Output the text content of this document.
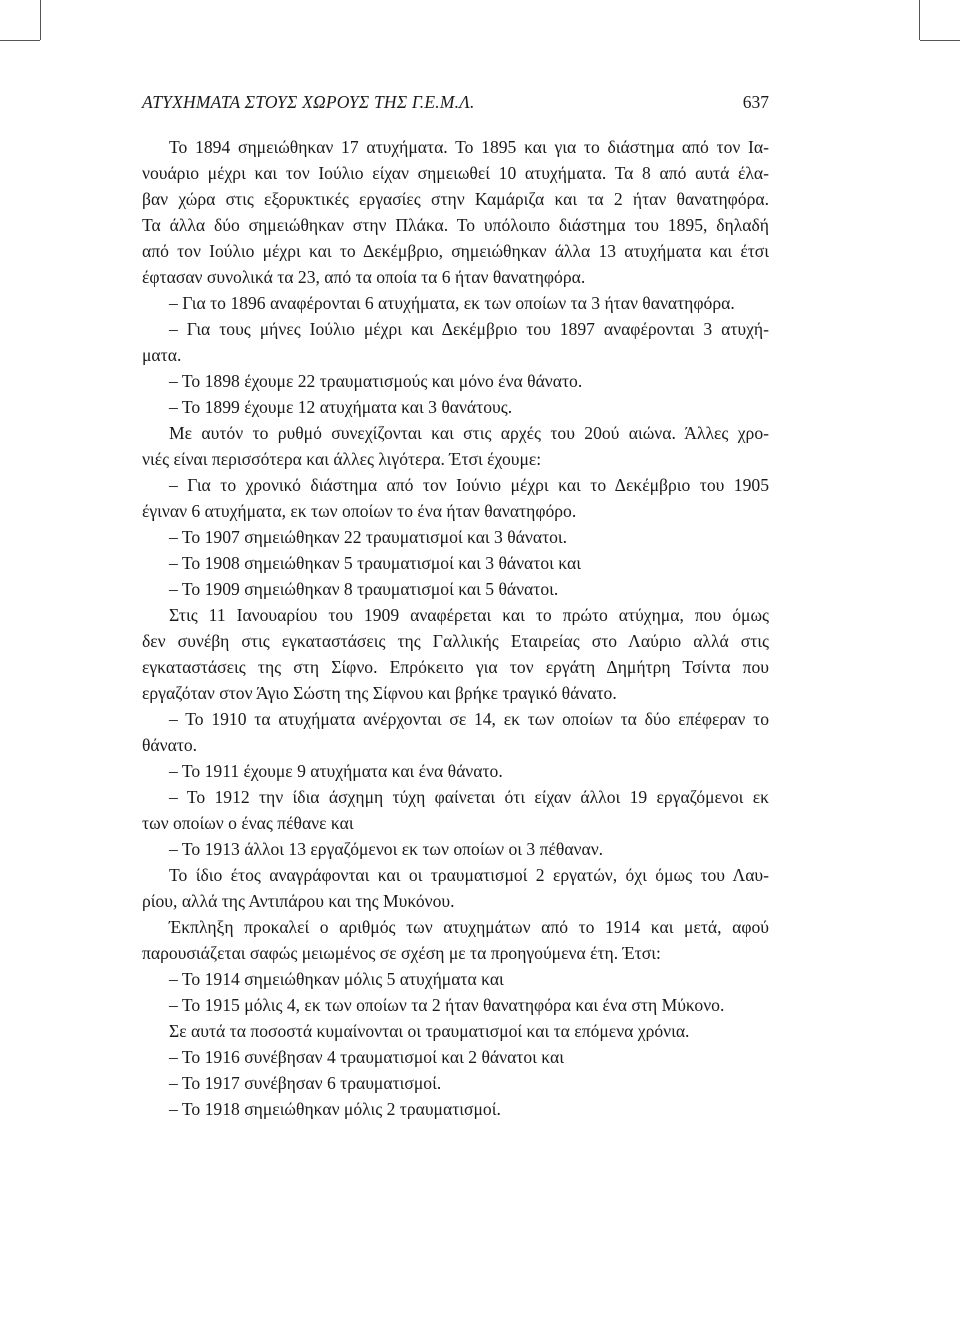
ΑΤΥΧΗΜΑΤΑ ΣΤΟΥΣ ΧΩΡΟΥΣ ΤΗΣ Γ.Ε.Μ.Λ.	637
Το 1894 σημειώθηκαν 17 ατυχήματα. Το 1895 και για το διάστημα από τον Ια-
νουάριο μέχρι και τον Ιούλιο είχαν σημειωθεί 10 ατυχήματα. Τα 8 από αυτά έλα-
βαν χώρα στις εξορυκτικές εργασίες στην Καμάριζα και τα 2 ήταν θανατηφόρα.
Τα άλλα δύο σημειώθηκαν στην Πλάκα. Το υπόλοιπο διάστημα του 1895, δηλαδή
από τον Ιούλιο μέχρι και το Δεκέμβριο, σημειώθηκαν άλλα 13 ατυχήματα και έτσι
έφτασαν συνολικά τα 23, από τα οποία τα 6 ήταν θανατηφόρα.
– Για το 1896 αναφέρονται 6 ατυχήματα, εκ των οποίων τα 3 ήταν θανατηφόρα.
– Για τους μήνες Ιούλιο μέχρι και Δεκέμβριο του 1897 αναφέρονται 3 ατυχή-
ματα.
– Το 1898 έχουμε 22 τραυματισμούς και μόνο ένα θάνατο.
– Το 1899 έχουμε 12 ατυχήματα και 3 θανάτους.
Με αυτόν το ρυθμό συνεχίζονται και στις αρχές του 20ού αιώνα. Άλλες χρο-
νιές είναι περισσότερα και άλλες λιγότερα. Έτσι έχουμε:
– Για το χρονικό διάστημα από τον Ιούνιο μέχρι και το Δεκέμβριο του 1905
έγιναν 6 ατυχήματα, εκ των οποίων το ένα ήταν θανατηφόρο.
– Το 1907 σημειώθηκαν 22 τραυματισμοί και 3 θάνατοι.
– Το 1908 σημειώθηκαν 5 τραυματισμοί και 3 θάνατοι και
– Το 1909 σημειώθηκαν 8 τραυματισμοί και 5 θάνατοι.
Στις 11 Ιανουαρίου του 1909 αναφέρεται και το πρώτο ατύχημα, που όμως
δεν συνέβη στις εγκαταστάσεις της Γαλλικής Εταιρείας στο Λαύριο αλλά στις
εγκαταστάσεις της στη Σίφνο. Επρόκειτο για τον εργάτη Δημήτρη Τσίντα που
εργαζόταν στον Άγιο Σώστη της Σίφνου και βρήκε τραγικό θάνατο.
– Το 1910 τα ατυχήματα ανέρχονται σε 14, εκ των οποίων τα δύο επέφεραν το
θάνατο.
– Το 1911 έχουμε 9 ατυχήματα και ένα θάνατο.
– Το 1912 την ίδια άσχημη τύχη φαίνεται ότι είχαν άλλοι 19 εργαζόμενοι εκ
των οποίων ο ένας πέθανε και
– Το 1913 άλλοι 13 εργαζόμενοι εκ των οποίων οι 3 πέθαναν.
Το ίδιο έτος αναγράφονται και οι τραυματισμοί 2 εργατών, όχι όμως του Λαυ-
ρίου, αλλά της Αντιπάρου και της Μυκόνου.
Έκπληξη προκαλεί ο αριθμός των ατυχημάτων από το 1914 και μετά, αφού
παρουσιάζεται σαφώς μειωμένος σε σχέση με τα προηγούμενα έτη. Έτσι:
– Το 1914 σημειώθηκαν μόλις 5 ατυχήματα και
– Το 1915 μόλις 4, εκ των οποίων τα 2 ήταν θανατηφόρα και ένα στη Μύκονο.
Σε αυτά τα ποσοστά κυμαίνονται οι τραυματισμοί και τα επόμενα χρόνια.
– Το 1916 συνέβησαν 4 τραυματισμοί και 2 θάνατοι και
– Το 1917 συνέβησαν 6 τραυματισμοί.
– Το 1918 σημειώθηκαν μόλις 2 τραυματισμοί.
